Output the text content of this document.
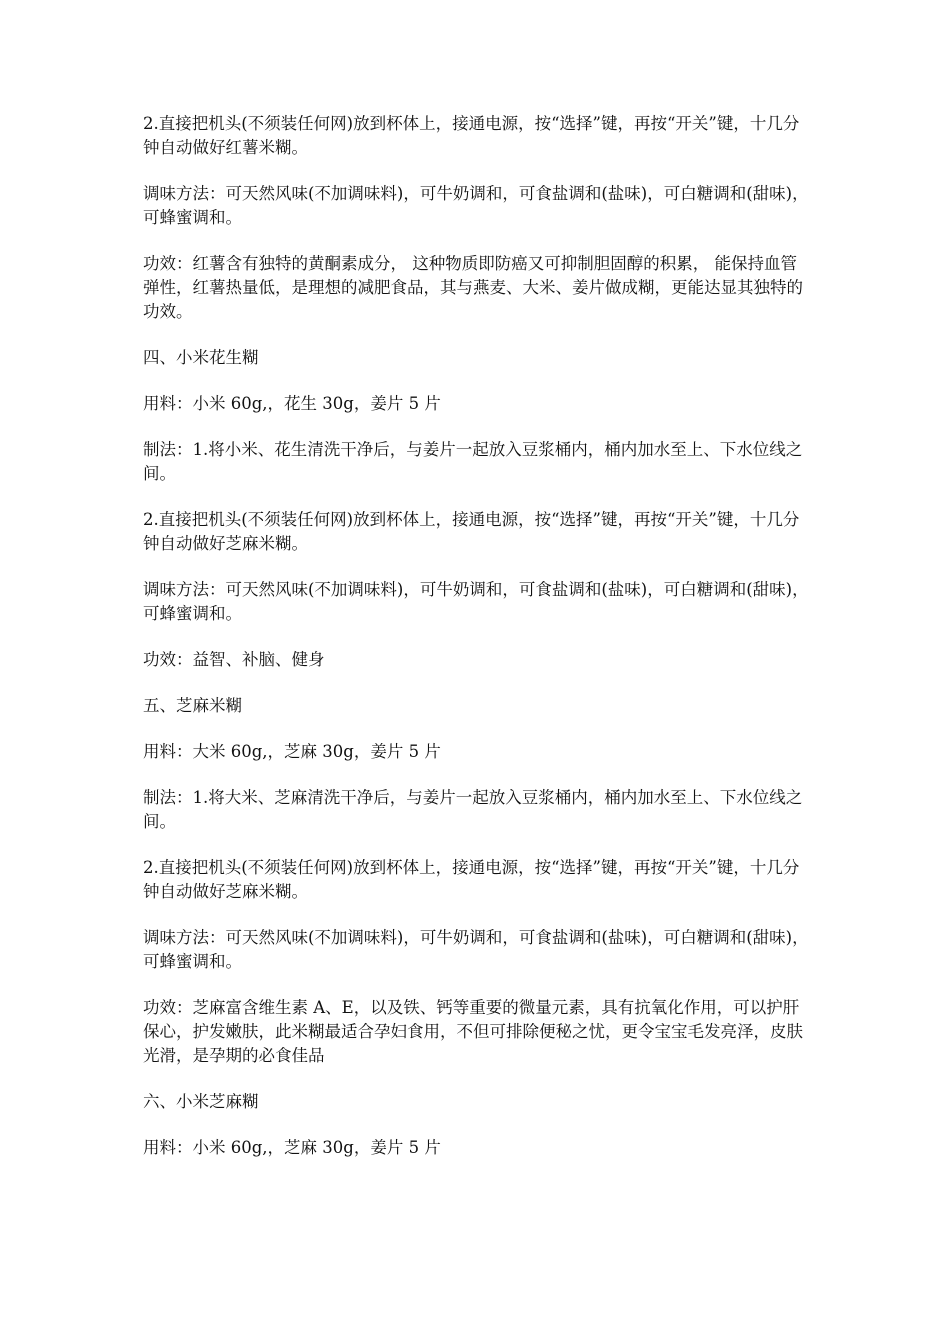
2.直接把机头(不须装任何网)放到杯体上，接通电源，按“选择”键，再按“开关”键，十几分钟自动做好红薯米糊。

调味方法：可天然风味(不加调味料)，可牛奶调和，可食盐调和(盐味)，可白糖调和(甜味)，可蜂蜜调和。

功效：红薯含有独特的黄酮素成分， 这种物质即防癌又可抑制胆固醇的积累， 能保持血管弹性，红薯热量低，是理想的减肥食品，其与燕麦、大米、姜片做成糊，更能达显其独特的功效。

四、小米花生糊

用料：小米 60g,，花生 30g，姜片 5 片

制法：1.将小米、花生清洗干净后，与姜片一起放入豆浆桶内，桶内加水至上、下水位线之间。

2.直接把机头(不须装任何网)放到杯体上，接通电源，按“选择”键，再按“开关”键，十几分钟自动做好芝麻米糊。

调味方法：可天然风味(不加调味料)，可牛奶调和，可食盐调和(盐味)，可白糖调和(甜味)，可蜂蜜调和。

功效：益智、补脑、健身

五、芝麻米糊

用料：大米 60g,，芝麻 30g，姜片 5 片

制法：1.将大米、芝麻清洗干净后，与姜片一起放入豆浆桶内，桶内加水至上、下水位线之间。

2.直接把机头(不须装任何网)放到杯体上，接通电源，按“选择”键，再按“开关”键，十几分钟自动做好芝麻米糊。

调味方法：可天然风味(不加调味料)，可牛奶调和，可食盐调和(盐味)，可白糖调和(甜味)，可蜂蜜调和。

功效：芝麻富含维生素 A、E，以及铁、钙等重要的微量元素，具有抗氧化作用，可以护肝保心，护发嫩肤，此米糊最适合孕妇食用，不但可排除便秘之忧，更令宝宝毛发亮泽，皮肤光滑，是孕期的必食佳品

六、小米芝麻糊

用料：小米 60g,，芝麻 30g，姜片 5 片
